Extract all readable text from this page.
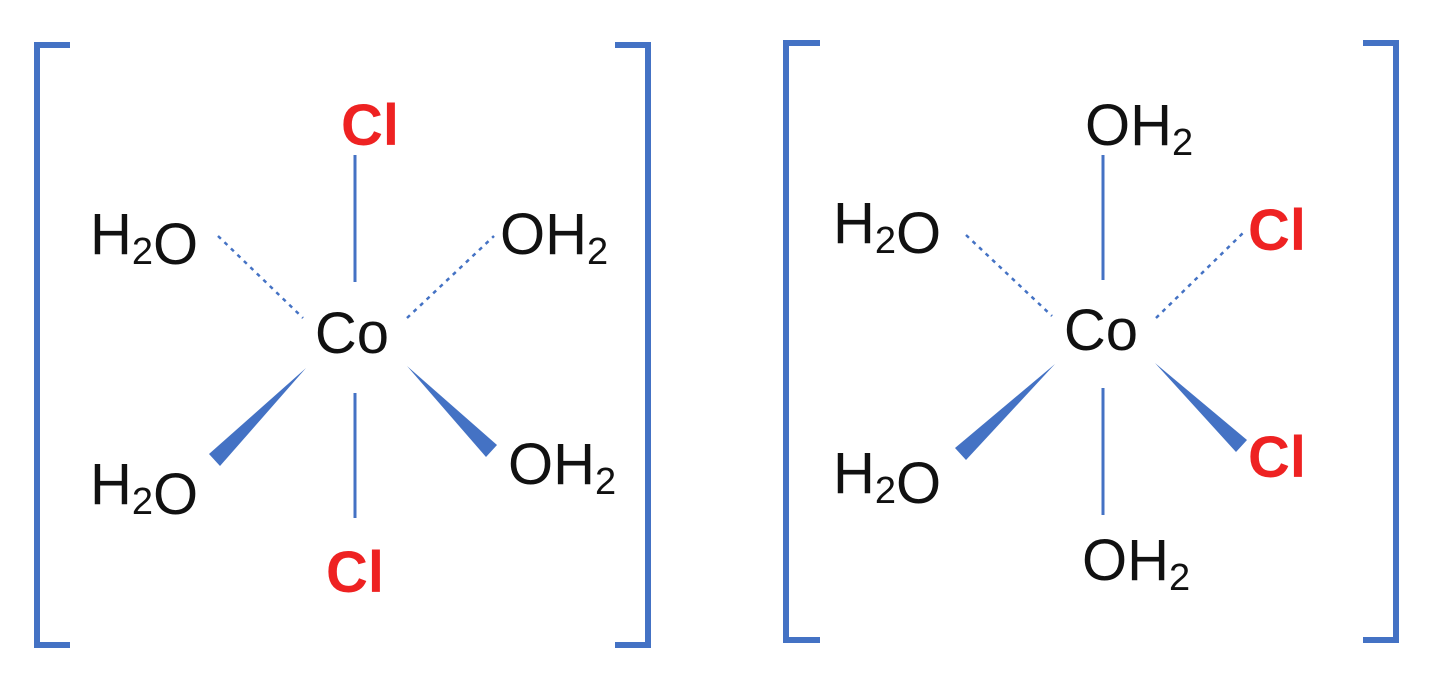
Co
Cl
Cl
H2O	OH2
H2O	OH2
Co
OH2
OH2
H2O	Cl
H2O	Cl
